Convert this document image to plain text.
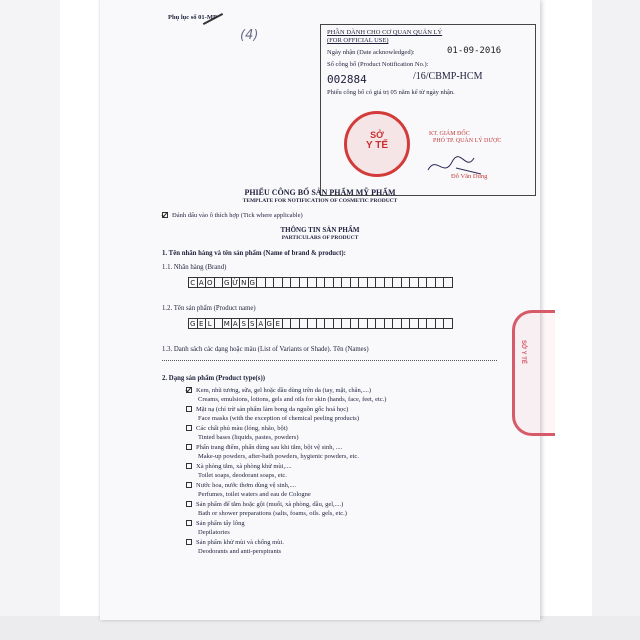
Phụ lục số 01-MP
(4)	PHẦN DÀNH CHO CƠ QUAN QUẢN LÝ
(FOR OFFICIAL USE)
Ngày nhận (Date acknowledged):	01-09-2016
Số công bố (Product Notification No.):
002884	/16/CBMP-HCM
Phiếu công bố có giá trị 05 năm kể từ ngày nhận.
SỞ
Y TẾ
KT. GIÁM ĐỐC
PHÓ TP. QUẢN LÝ DƯỢC
Đỗ Văn Dũng
PHIẾU CÔNG BỐ SẢN PHẨM MỸ PHẨM
TEMPLATE FOR NOTIFICATION OF COSMETIC PRODUCT
Đánh dấu vào ô thích hợp (Tick where applicable)
THÔNG TIN SẢN PHẨM
PARTICULARS OF PRODUCT
1. Tên nhãn hàng và tên sản phẩm (Name of brand & product):
1.1. Nhãn hàng (Brand)
C A O G Ừ N G
1.2. Tên sản phẩm (Product name)
G E L	M A S S A G E
1.3. Danh sách các dạng hoặc màu (List of Variants or Shade). Tên (Names)
2. Dạng sản phẩm (Product type(s))
Kem, nhũ tương, sữa, gel hoặc dầu dùng trên da (tay, mặt, chân,....)
Creams, emulsions, lotions, gels and oils for skin (hands, face, feet, etc.)
Mặt nạ (chỉ trừ sản phẩm làm bong da nguồn gốc hoá học)
Face masks (with the exception of chemical peeling products)
Các chất phủ màu (lỏng, nhão, bột)
Tinted bases (liquids, pastes, powders)
Phấn trang điểm, phấn dùng sau khi tắm, bột vệ sinh, ....
Make-up powders, after-bath powders, hygienic powders, etc.
Xà phòng tắm, xà phòng khử mùi,....
Toilet soaps, deodorant soaps, etc.
Nước hoa, nước thơm dùng vệ sinh,....
Perfumes, toilet waters and eau de Cologne
Sản phẩm để tắm hoặc gội (muối, xà phòng, dầu, gel,....)
Bath or shower preparations (salts, foams, oils. gels, etc.)
Sản phẩm tẩy lông
Depilatories
Sản phẩm khử mùi và chống mùi.
Deodorants and anti-perspirants
SỞ Y TẾ
